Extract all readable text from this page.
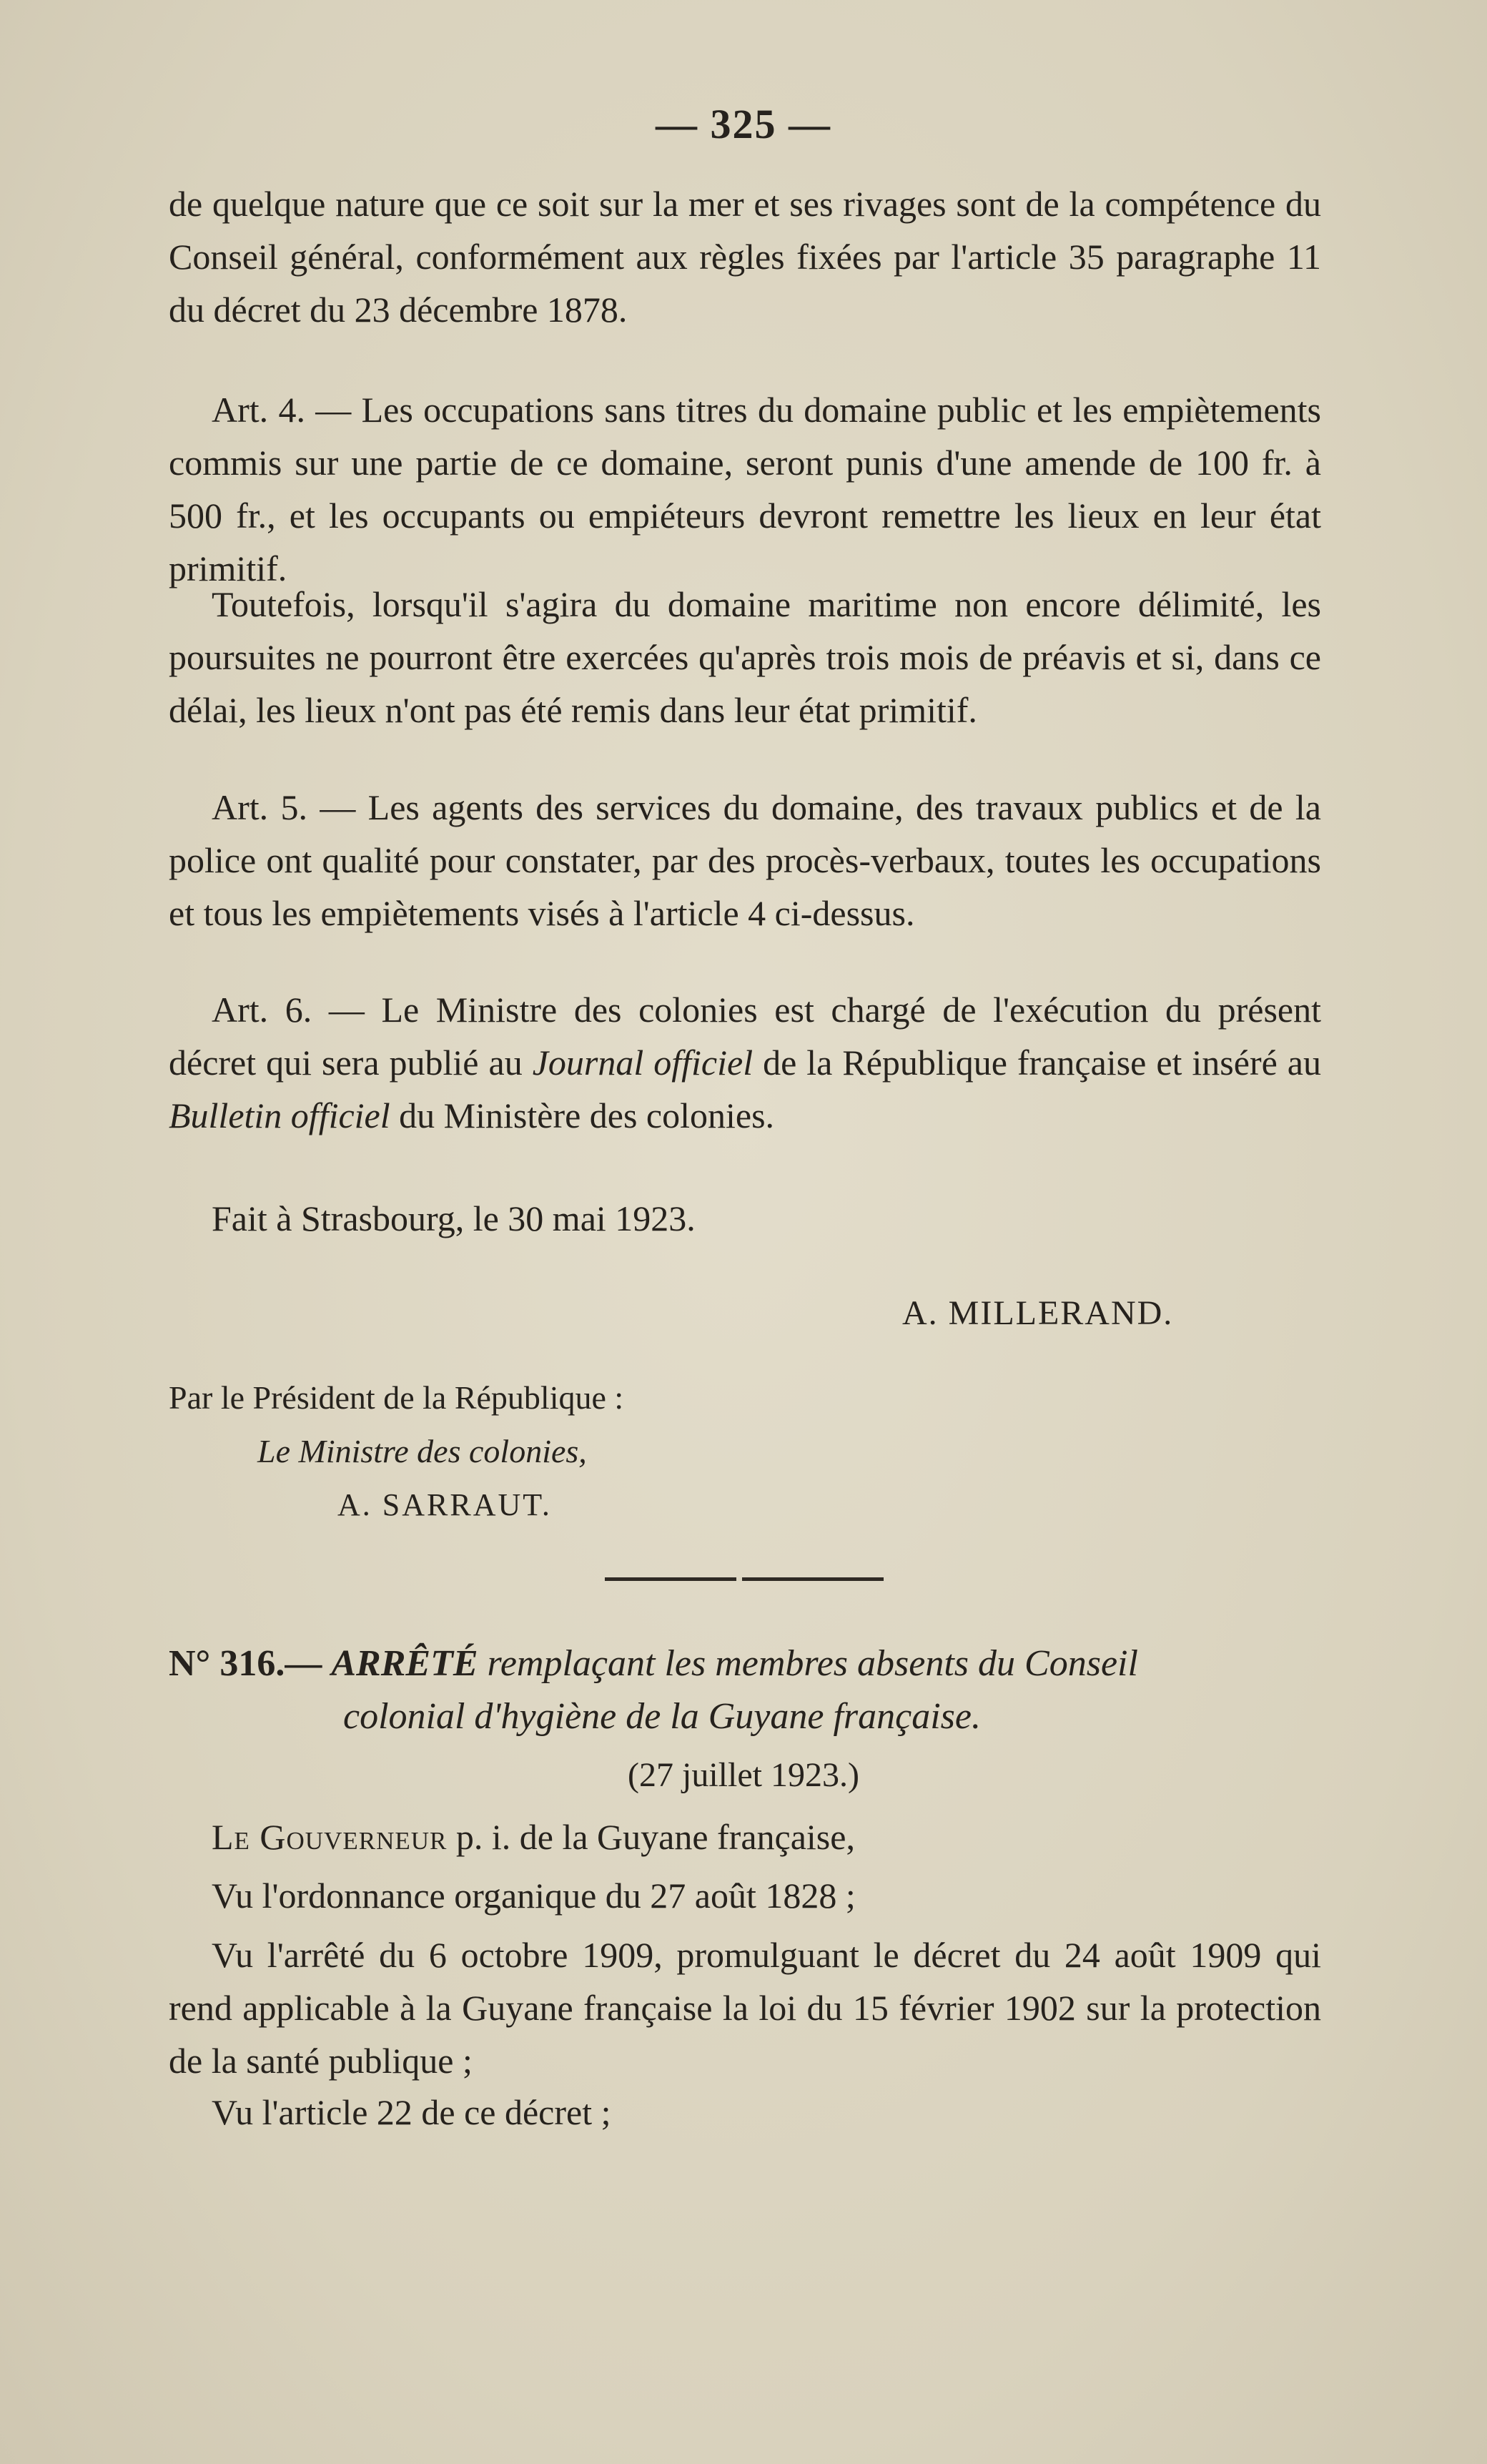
— 325 —

de quelque nature que ce soit sur la mer et ses rivages sont de la compétence du Conseil général, conformément aux règles fixées par l'article 35 paragraphe 11 du décret du 23 décembre 1878.

Art. 4. — Les occupations sans titres du domaine public et les empiètements commis sur une partie de ce domaine, seront punis d'une amende de 100 fr. à 500 fr., et les occupants ou empiéteurs devront remettre les lieux en leur état primitif.

Toutefois, lorsqu'il s'agira du domaine maritime non encore délimité, les poursuites ne pourront être exercées qu'après trois mois de préavis et si, dans ce délai, les lieux n'ont pas été remis dans leur état primitif.

Art. 5. — Les agents des services du domaine, des travaux publics et de la police ont qualité pour constater, par des procès-verbaux, toutes les occupations et tous les empiètements visés à l'article 4 ci-dessus.

Art. 6. — Le Ministre des colonies est chargé de l'exécution du présent décret qui sera publié au Journal officiel de la République française et inséré au Bulletin officiel du Ministère des colonies.

Fait à Strasbourg, le 30 mai 1923.
A. MILLERAND.
Par le Président de la République :
Le Ministre des colonies,
A. SARRAUT.
N° 316.— ARRÊTÉ remplaçant les membres absents du Conseil
colonial d'hygiène de la Guyane française.
(27 juillet 1923.)
Le Gouverneur p. i. de la Guyane française,

Vu l'ordonnance organique du 27 août 1828 ;

Vu l'arrêté du 6 octobre 1909, promulguant le décret du 24 août 1909 qui rend applicable à la Guyane française la loi du 15 février 1902 sur la protection de la santé publique ;

Vu l'article 22 de ce décret ;
